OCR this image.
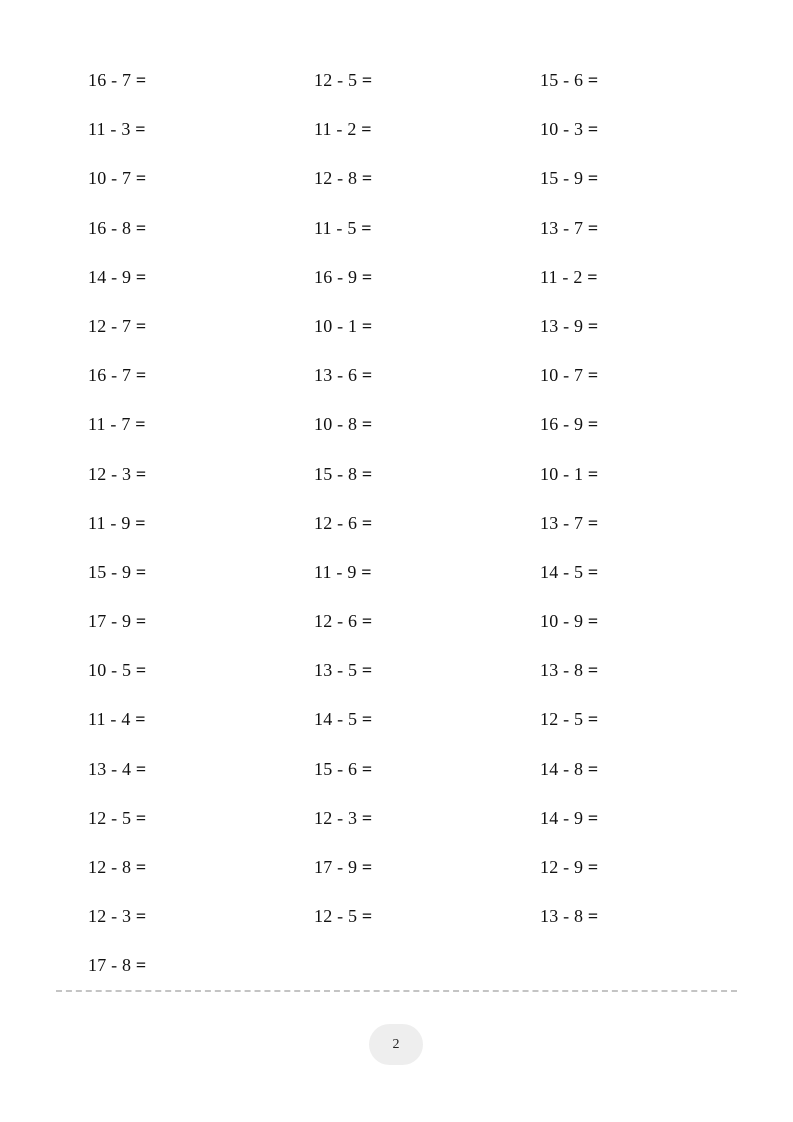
16 - 7 =	12 - 5 =	15 - 6 =
11 - 3 =	11 - 2 =	10 - 3 =
10 - 7 =	12 - 8 =	15 - 9 =
16 - 8 =	11 - 5 =	13 - 7 =
14 - 9 =	16 - 9 =	11 - 2 =
12 - 7 =	10 - 1 =	13 - 9 =
16 - 7 =	13 - 6 =	10 - 7 =
11 - 7 =	10 - 8 =	16 - 9 =
12 - 3 =	15 - 8 =	10 - 1 =
11 - 9 =	12 - 6 =	13 - 7 =
15 - 9 =	11 - 9 =	14 - 5 =
17 - 9 =	12 - 6 =	10 - 9 =
10 - 5 =	13 - 5 =	13 - 8 =
11 - 4 =	14 - 5 =	12 - 5 =
13 - 4 =	15 - 6 =	14 - 8 =
12 - 5 =	12 - 3 =	14 - 9 =
12 - 8 =	17 - 9 =	12 - 9 =
12 - 3 =	12 - 5 =	13 - 8 =
17 - 8 =
2
